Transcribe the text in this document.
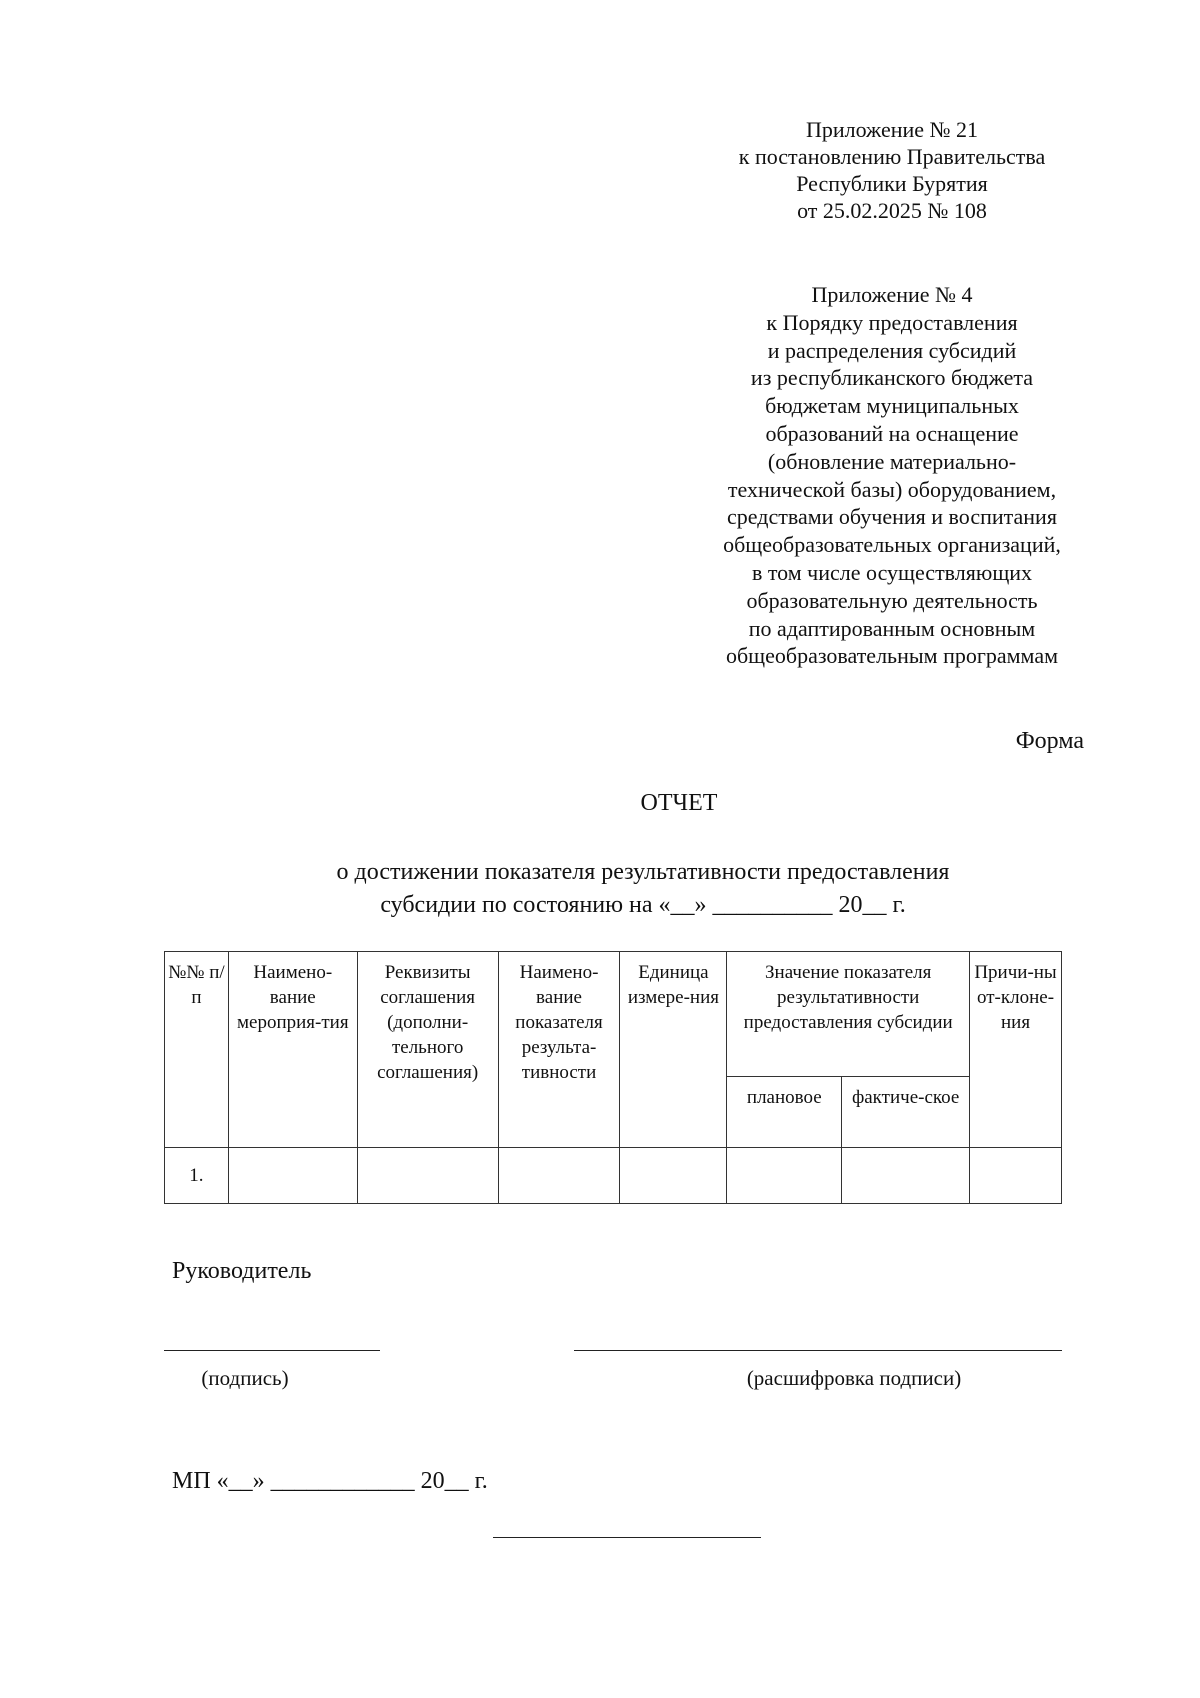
Приложение № 21
к постановлению Правительства
Республики Бурятия
от 25.02.2025 № 108
Приложение № 4
к Порядку предоставления
и распределения субсидий
из республиканского бюджета
бюджетам муниципальных
образований на оснащение
(обновление материально-
технической базы) оборудованием,
средствами обучения и воспитания
общеобразовательных организаций,
в том числе осуществляющих
образовательную деятельность
по адаптированным основным
общеобразовательным программам
Форма
ОТЧЕТ
о достижении показателя результативности предоставления
субсидии по состоянию на «__» __________ 20__ г.
№№ п/п	Наимено-вание мероприя-тия	Реквизиты соглашения (дополни-тельного соглашения)	Наимено-вание показателя результа-тивности	Единица измере-ния	Значение показателя результативности предоставления субсидии		Причи-ны от-клоне-ния
					плановое	фактиче-ское	
1.							
Руководитель
(подпись)	(расшифровка подписи)
МП «__» ____________ 20__ г.
